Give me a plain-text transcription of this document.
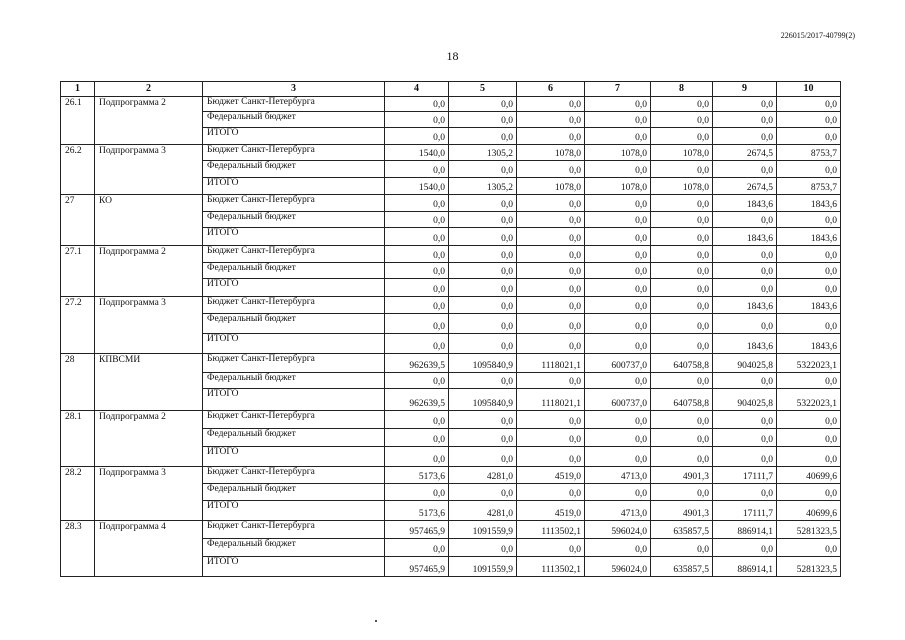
226015/2017-40799(2)
18
1	2	3	4	5	6	7	8	9	10
26.1	Подпрограмма 2	Бюджет Санкт-Петербурга	0,0	0,0	0,0	0,0	0,0	0,0	0,0
		Федеральный бюджет	0,0	0,0	0,0	0,0	0,0	0,0	0,0
		ИТОГО	0,0	0,0	0,0	0,0	0,0	0,0	0,0
26.2	Подпрограмма 3	Бюджет Санкт-Петербурга	1540,0	1305,2	1078,0	1078,0	1078,0	2674,5	8753,7
		Федеральный бюджет	0,0	0,0	0,0	0,0	0,0	0,0	0,0
		ИТОГО	1540,0	1305,2	1078,0	1078,0	1078,0	2674,5	8753,7
27	КО	Бюджет Санкт-Петербурга	0,0	0,0	0,0	0,0	0,0	1843,6	1843,6
		Федеральный бюджет	0,0	0,0	0,0	0,0	0,0	0,0	0,0
		ИТОГО	0,0	0,0	0,0	0,0	0,0	1843,6	1843,6
27.1	Подпрограмма 2	Бюджет Санкт-Петербурга	0,0	0,0	0,0	0,0	0,0	0,0	0,0
		Федеральный бюджет	0,0	0,0	0,0	0,0	0,0	0,0	0,0
		ИТОГО	0,0	0,0	0,0	0,0	0,0	0,0	0,0
27.2	Подпрограмма 3	Бюджет Санкт-Петербурга	0,0	0,0	0,0	0,0	0,0	1843,6	1843,6
		Федеральный бюджет	0,0	0,0	0,0	0,0	0,0	0,0	0,0
		ИТОГО	0,0	0,0	0,0	0,0	0,0	1843,6	1843,6
28	КПВСМИ	Бюджет Санкт-Петербурга	962639,5	1095840,9	1118021,1	600737,0	640758,8	904025,8	5322023,1
		Федеральный бюджет	0,0	0,0	0,0	0,0	0,0	0,0	0,0
		ИТОГО	962639,5	1095840,9	1118021,1	600737,0	640758,8	904025,8	5322023,1
28.1	Подпрограмма 2	Бюджет Санкт-Петербурга	0,0	0,0	0,0	0,0	0,0	0,0	0,0
		Федеральный бюджет	0,0	0,0	0,0	0,0	0,0	0,0	0,0
		ИТОГО	0,0	0,0	0,0	0,0	0,0	0,0	0,0
28.2	Подпрограмма 3	Бюджет Санкт-Петербурга	5173,6	4281,0	4519,0	4713,0	4901,3	17111,7	40699,6
		Федеральный бюджет	0,0	0,0	0,0	0,0	0,0	0,0	0,0
		ИТОГО	5173,6	4281,0	4519,0	4713,0	4901,3	17111,7	40699,6
28.3	Подпрограмма 4	Бюджет Санкт-Петербурга	957465,9	1091559,9	1113502,1	596024,0	635857,5	886914,1	5281323,5
		Федеральный бюджет	0,0	0,0	0,0	0,0	0,0	0,0	0,0
		ИТОГО	957465,9	1091559,9	1113502,1	596024,0	635857,5	886914,1	5281323,5
